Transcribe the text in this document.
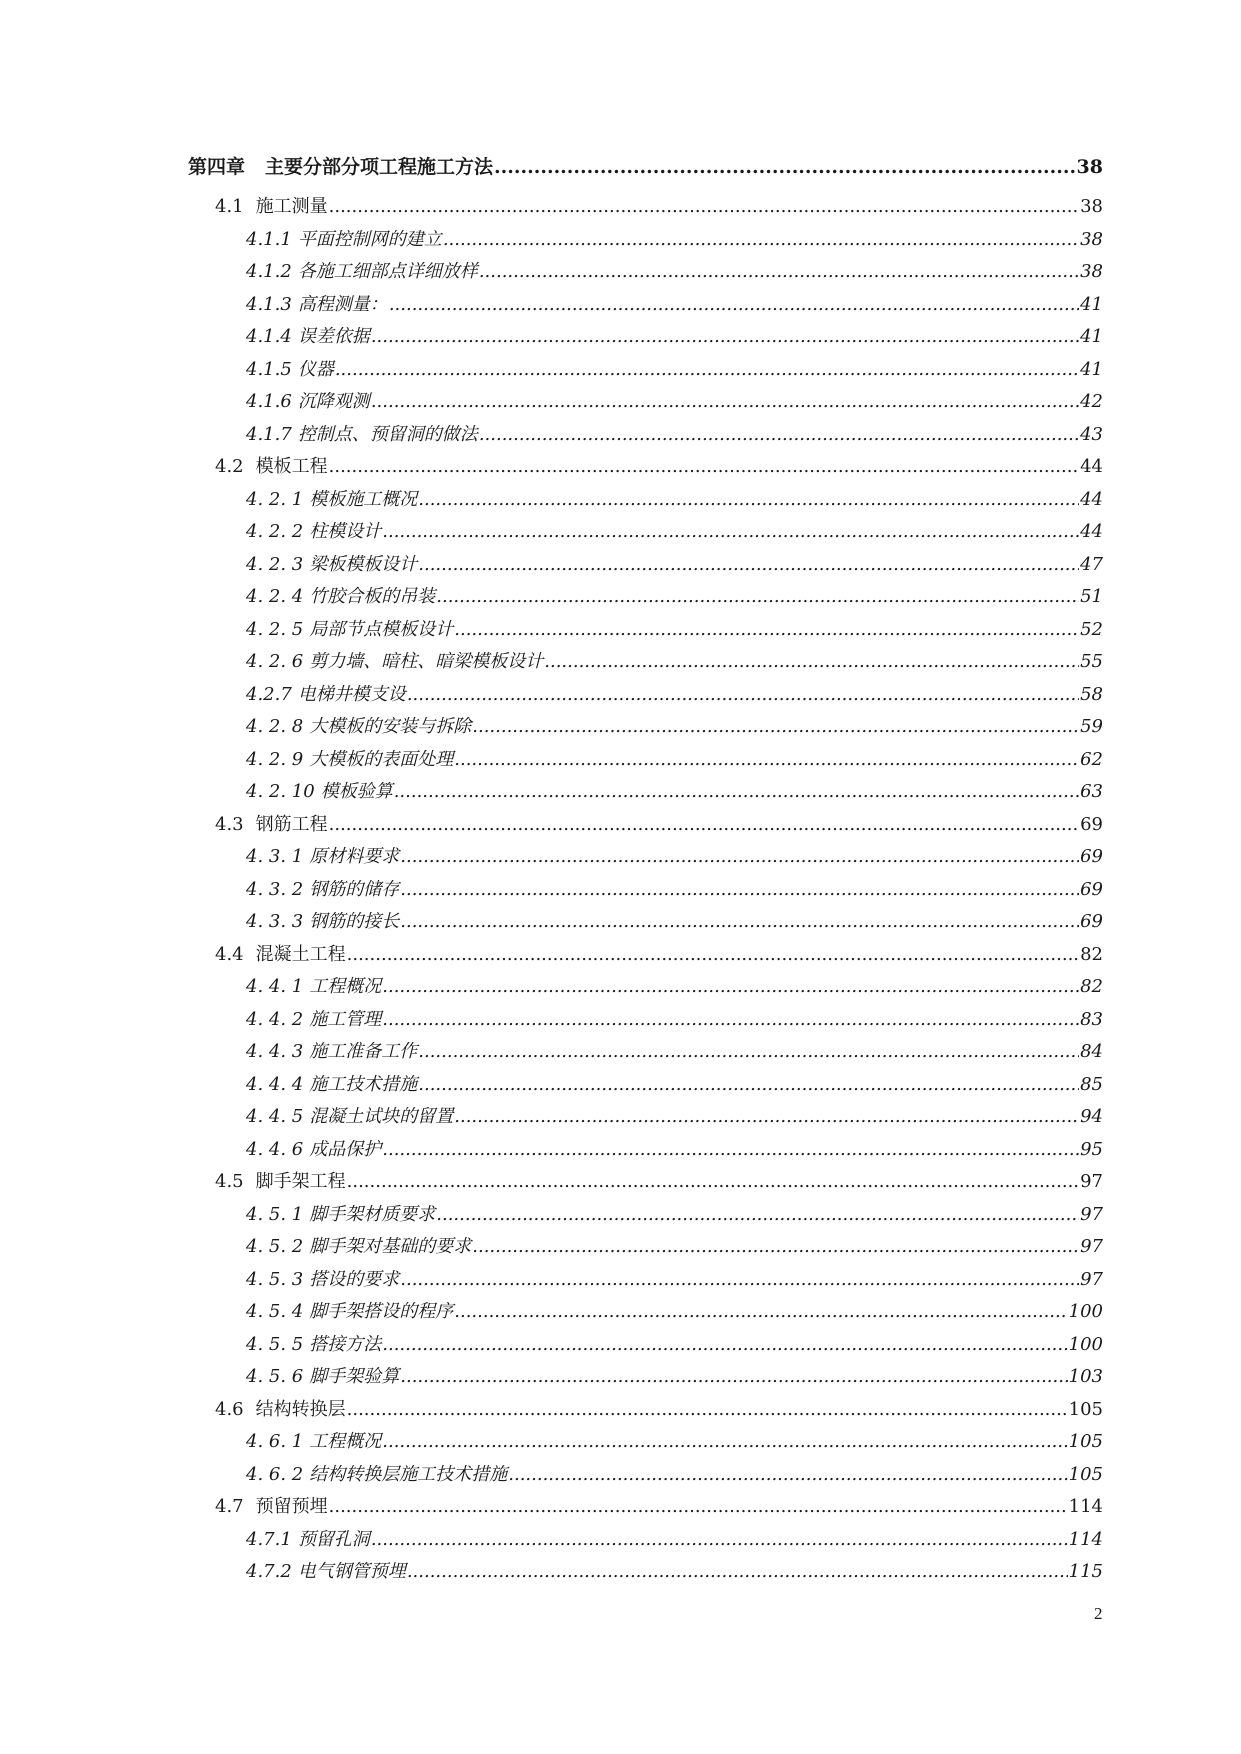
第四章 主要分部分项工程施工方法 .....	38
4.1 施工测量 .....	38
4.1.1 平面控制网的建立 .....	38
4.1.2 各施工细部点详细放样 .....	38
4.1.3 高程测量： .....	41
4.1.4 误差依据 .....	41
4.1.5 仪器 .....	41
4.1.6 沉降观测 .....	42
4.1.7 控制点、预留洞的做法 .....	43
4.2 模板工程 .....	44
4. 2. 1 模板施工概况 .....	44
4. 2. 2 柱模设计 .....	44
4. 2. 3 梁板模板设计 .....	47
4. 2. 4 竹胶合板的吊装 .....	51
4. 2. 5 局部节点模板设计 .....	52
4. 2. 6 剪力墙、暗柱、暗梁模板设计 .....	55
4.2.7 电梯井模支设 .....	58
4. 2. 8 大模板的安装与拆除 .....	59
4. 2. 9 大模板的表面处理 .....	62
4. 2. 10 模板验算 .....	63
4.3 钢筋工程 .....	69
4. 3. 1 原材料要求 .....	69
4. 3. 2 钢筋的储存 .....	69
4. 3. 3 钢筋的接长 .....	69
4.4 混凝土工程 .....	82
4. 4. 1 工程概况 .....	82
4. 4. 2 施工管理 .....	83
4. 4. 3 施工准备工作 .....	84
4. 4. 4 施工技术措施 .....	85
4. 4. 5 混凝土试块的留置 .....	94
4. 4. 6 成品保护 .....	95
4.5 脚手架工程 .....	97
4. 5. 1 脚手架材质要求 .....	97
4. 5. 2 脚手架对基础的要求 .....	97
4. 5. 3 搭设的要求 .....	97
4. 5. 4 脚手架搭设的程序 .....	100
4. 5. 5 搭接方法 .....	100
4. 5. 6 脚手架验算 .....	103
4.6 结构转换层 .....	105
4. 6. 1 工程概况 .....	105
4. 6. 2 结构转换层施工技术措施 .....	105
4.7 预留预埋 .....	114
4.7.1 预留孔洞 .....	114
4.7.2 电气钢管预埋 .....	115
2
